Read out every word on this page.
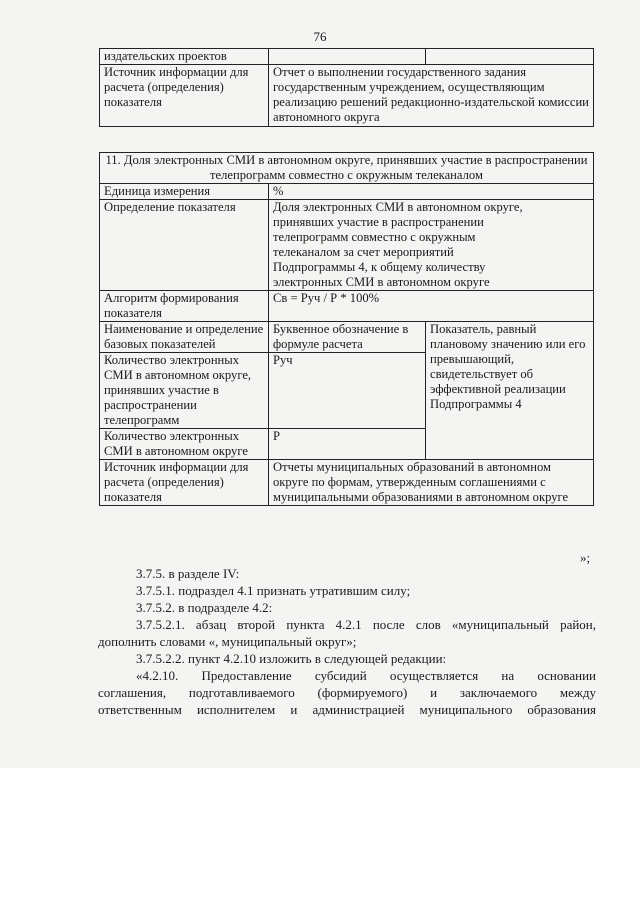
76
издательских проектов		
Источник информации для расчета (определения) показателя	Отчет о выполнении государственного задания государственным учреждением, осуществляющим реализацию решений редакционно-издательской комиссии автономного округа	
11. Доля электронных СМИ в автономном округе, принявших участие в распространении телепрограмм совместно с окружным телеканалом		
Единица измерения	%	
Определение показателя	Доля электронных СМИ в автономном округе, принявших участие в распространении телепрограмм совместно с окружным телеканалом за счет мероприятий Подпрограммы 4, к общему количеству электронных СМИ в автономном округе	
Алгоритм формирования показателя	Св = Руч / Р * 100%	
Наименование и определение базовых показателей	Буквенное обозначение в формуле расчета	Показатель, равный плановому значению или его превышающий, свидетельствует об эффективной реализации Подпрограммы 4
Количество электронных СМИ в автономном округе, принявших участие в распространении телепрограмм	Руч	
Количество электронных СМИ в автономном округе	Р	
Источник информации для расчета (определения) показателя	Отчеты муниципальных образований в автономном округе по формам, утвержденным соглашениями с муниципальными образованиями в автономном округе	
»;

3.7.5. в разделе IV:

3.7.5.1. подраздел 4.1 признать утратившим силу;

3.7.5.2. в подразделе 4.2:

3.7.5.2.1. абзац второй пункта 4.2.1 после слов «муниципальный район,

дополнить словами «, муниципальный округ»;

3.7.5.2.2. пункт 4.2.10 изложить в следующей редакции:

«4.2.10. Предоставление субсидий осуществляется на основании

соглашения, подготавливаемого (формируемого) и заключаемого между

ответственным исполнителем и администрацией муниципального образования
